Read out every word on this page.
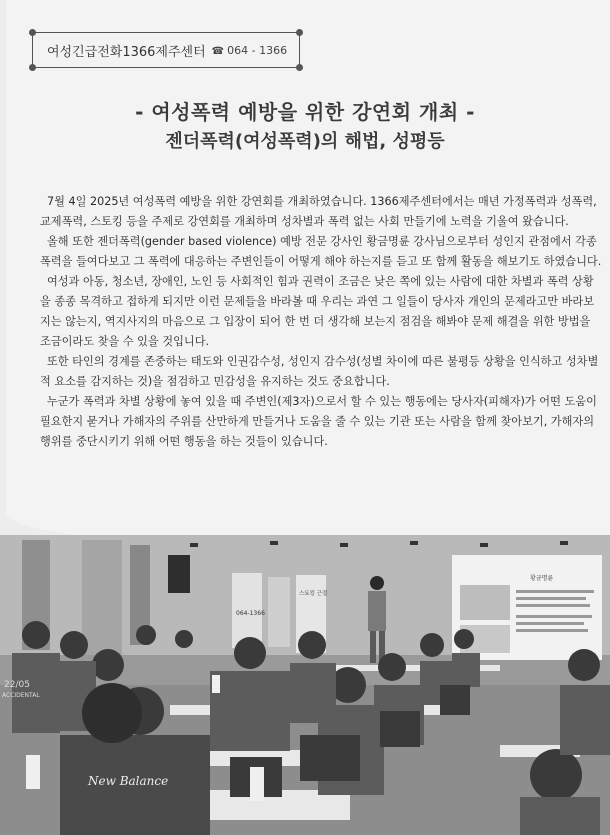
여성긴급전화1366제주센터 ☎ 064 - 1366
- 여성폭력 예방을 위한 강연회 개최 -
젠더폭력(여성폭력)의 해법, 성평등

7월 4일 2025년 여성폭력 예방을 위한 강연회를 개최하였습니다. 1366제주센터에서는 매년 가정폭력과 성폭력, 교제폭력, 스토킹 등을 주제로 강연회를 개최하며 성차별과 폭력 없는 사회 만들기에 노력을 기울여 왔습니다.

올해 또한 젠더폭력(gender based violence) 예방 전문 강사인 황금명륜 강사님으로부터 성인지 관점에서 각종 폭력을 들여다보고 그 폭력에 대응하는 주변인들이 어떻게 해야 하는지를 듣고 또 함께 활동을 해보기도 하였습니다.

여성과 아동, 청소년, 장애인, 노인 등 사회적인 힘과 권력이 조금은 낮은 쪽에 있는 사람에 대한 차별과 폭력 상황을 종종 목격하고 접하게 되지만 이런 문제들을 바라볼 때 우리는 과연 그 일들이 당사자 개인의 문제라고만 바라보지는 않는지, 역지사지의 마음으로 그 입장이 되어 한 번 더 생각해 보는지 점검을 해봐야 문제 해결을 위한 방법을 조금이라도 찾을 수 있을 것입니다.

또한 타인의 경계를 존중하는 태도와 인권감수성, 성인지 감수성(성별 차이에 따른 불평등 상황을 인식하고 성차별적 요소를 감지하는 것)을 점검하고 민감성을 유지하는 것도 중요합니다.

누군가 폭력과 차별 상황에 놓여 있을 때 주변인(제3자)으로서 할 수 있는 행동에는 당사자(피해자)가 어떤 도움이 필요한지 묻거나 가해자의 주위를 산만하게 만들거나 도움을 줄 수 있는 기관 또는 사람을 함께 찾아보기, 가해자의 행위를 중단시키기 위해 어떤 행동을 하는 것들이 있습니다.

064-1366
스토킹 근절
황금명륜
New Balance
22/05
ACCIDENTAL
